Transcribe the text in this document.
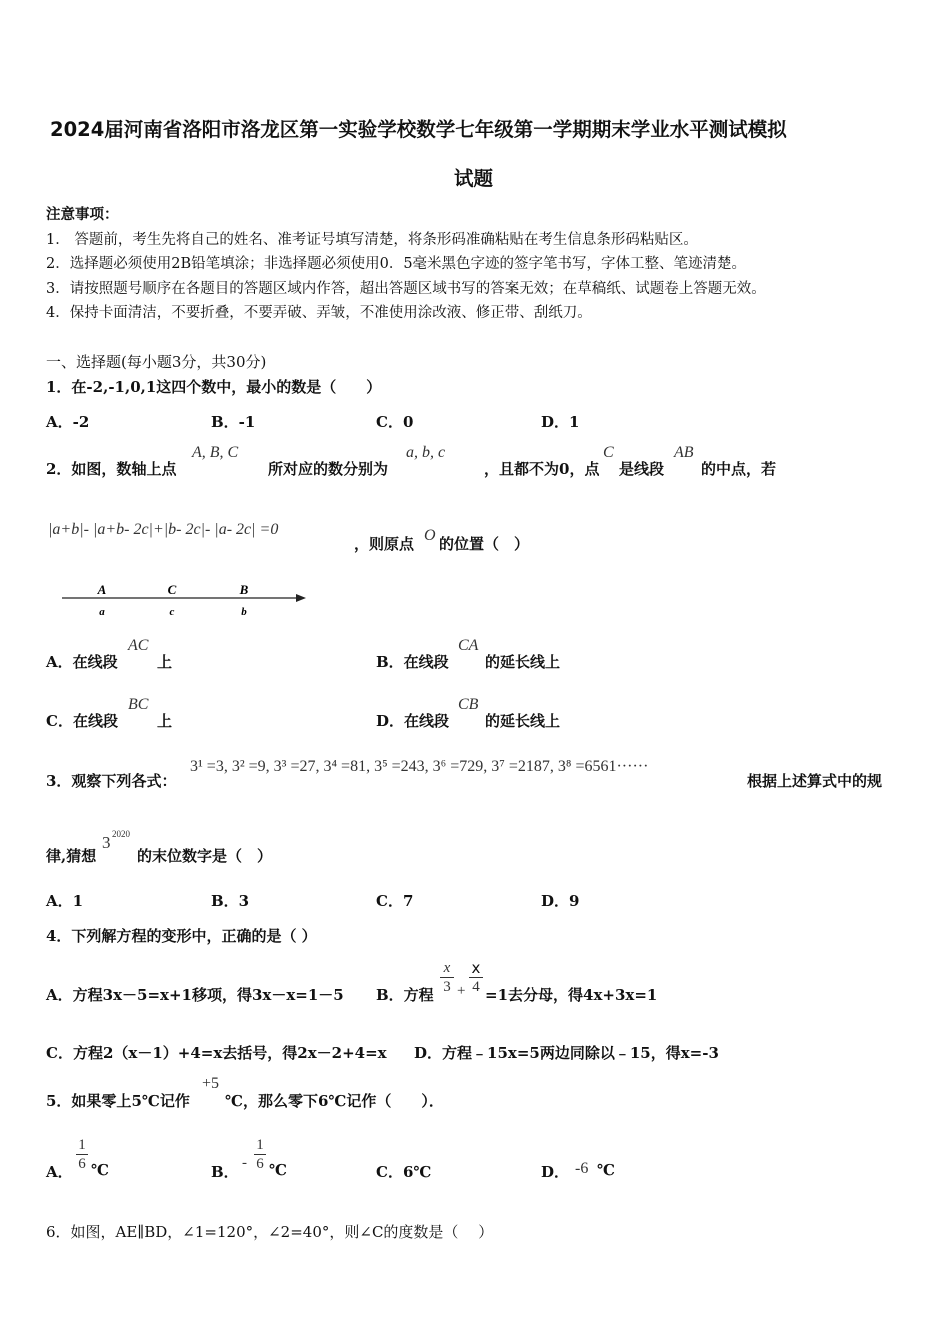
2024届河南省洛阳市洛龙区第一实验学校数学七年级第一学期期末学业水平测试模拟
试题
注意事项：
1． 答题前，考生先将自己的姓名、准考证号填写清楚，将条形码准确粘贴在考生信息条形码粘贴区。
2．选择题必须使用2B铅笔填涂；非选择题必须使用0．5毫米黑色字迹的签字笔书写，字体工整、笔迹清楚。
3．请按照题号顺序在各题目的答题区域内作答，超出答题区域书写的答案无效；在草稿纸、试题卷上答题无效。
4．保持卡面清洁，不要折叠，不要弄破、弄皱，不准使用涂改液、修正带、刮纸刀。
一、选择题(每小题3分，共30分)
1．在-2,-1,0,1这四个数中，最小的数是（　　）
A．-2	B．-1	C．0	D．1
2．如图，数轴上点
A, B, C
所对应的数分别为
a, b, c
，且都不为0，点
C
是线段
AB
的中点，若
|a+b|- |a+b- 2c|+|b- 2c|- |a- 2c| =0
，则原点 O 的位置（　）
A	C	B
a	c	b
A．在线段
AC
上	B．在线段
CA
的延长线上
C．在线段
BC
上	D．在线段
CB
的延长线上
3．观察下列各式：
3¹ =3, 3² =9, 3³ =27, 3⁴ =81, 3⁵ =243, 3⁶ =729, 3⁷ =2187, 3⁸ =6561······
根据上述算式中的规
律,猜想
3 2020
的末位数字是（　）
A．1	B．3	C．7	D．9
4．下列解方程的变形中，正确的是（ ）
A．方程3x－5=x+1移项，得3x－x=1－5 B．方程 $\frac{x}{3} + \frac{x}{4} =1$去分母，得4x+3x=1
C．方程2（x－1）+4=x去括号，得2x－2+4=x D．方程﹣15x=5两边同除以﹣15，得x=-3
5．如果零上5℃记作
+5
℃，那么零下6℃记作（　　）．
A． $\frac{1}{6}$ ℃	B． - $\frac{1}{6}$ ℃	C．6℃	D． -6 ℃
6．如图，AE∥BD，∠1=120°，∠2=40°，则∠C的度数是（　 ）
